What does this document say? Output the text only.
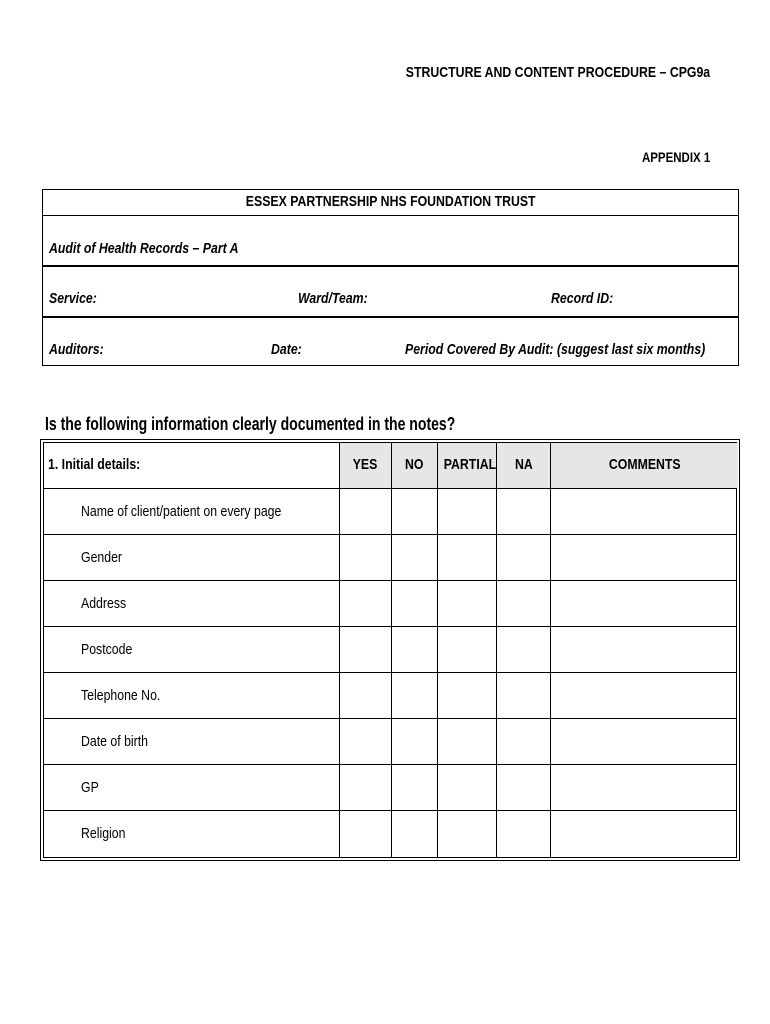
STRUCTURE AND CONTENT PROCEDURE – CPG9a
APPENDIX 1
ESSEX PARTNERSHIP NHS FOUNDATION TRUST
Audit of Health Records – Part A
Service:	Ward/Team:	Record ID:
Auditors:	Date:	Period Covered By Audit: (suggest last six months)
Is the following information clearly documented in the notes?
1. Initial details:	YES	NO	PARTIAL	NA	COMMENTS
Name of client/patient on every page
Gender
Address
Postcode
Telephone No.
Date of birth
GP
Religion
